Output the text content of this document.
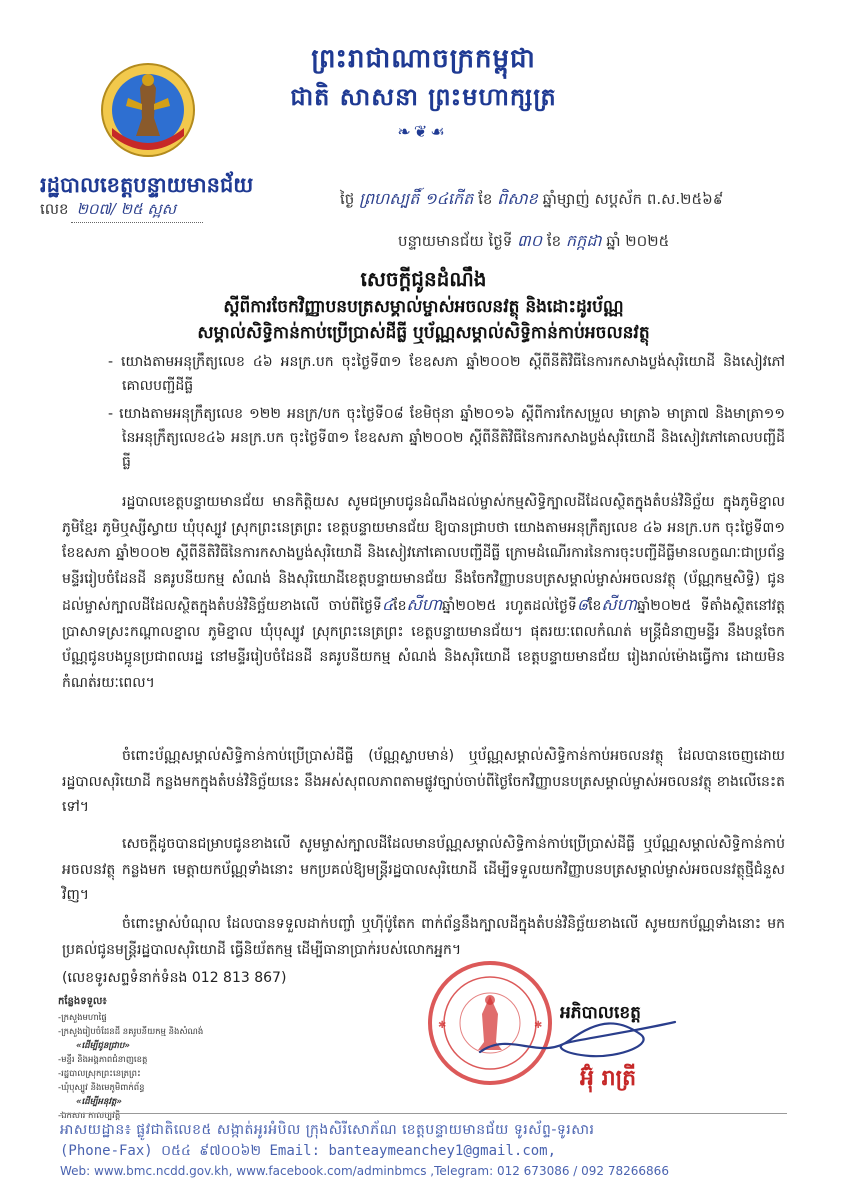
ព្រះរាជាណាចក្រកម្ពុជា
ជាតិ សាសនា ព្រះមហាក្សត្រ
❧❦☙
រដ្ឋបាលខេត្តបន្ទាយមានជ័យ
លេខ ២០៧/ ២៥ ស្អស
ថ្ងៃ ព្រហស្បតិ៍ ១៤កើត ខែ ពិសាខ ឆ្នាំម្សាញ់ សប្តស័ក ព.ស.២៥៦៩
បន្ទាយមានជ័យ ថ្ងៃទី ៣០ ខែ កក្កដា ឆ្នាំ ២០២៥
សេចក្តីជូនដំណឹង
ស្តីពីការចែកវិញ្ញាបនបត្រសម្គាល់ម្ចាស់អចលនវត្ថុ និងដោះដូរប័ណ្ណ
សម្គាល់សិទ្ធិកាន់កាប់ប្រើប្រាស់ដីធ្លី ឬប័ណ្ណសម្គាល់សិទ្ធិកាន់កាប់អចលនវត្ថុ
- យោងតាមអនុក្រឹត្យលេខ ៤៦ អនក្រ.បក ចុះថ្ងៃទី៣១ ខែឧសភា ឆ្នាំ២០០២ ស្តីពីនីតិវិធីនៃការកសាងប្លង់សុរិយោដី និងសៀវភៅគោលបញ្ជីដីធ្លី
- យោងតាមអនុក្រឹត្យលេខ ១២២ អនក្រ/បក ចុះថ្ងៃទី០៨ ខែមិថុនា ឆ្នាំ២០១៦ ស្តីពីការកែសម្រួល មាត្រា៦ មាត្រា៧ និងមាត្រា១១ នៃអនុក្រឹត្យលេខ៤៦ អនក្រ.បក ចុះថ្ងៃទី៣១ ខែឧសភា ឆ្នាំ២០០២ ស្តីពីនីតិវិធីនៃការកសាងប្លង់សុរិយោដី និងសៀវភៅគោលបញ្ជីដីធ្លី
រដ្ឋបាលខេត្តបន្ទាយមានជ័យ មានកិត្តិយស សូមជម្រាបជូនដំណឹងដល់ម្ចាស់កម្មសិទ្ធិក្បាលដីដែលស្ថិតក្នុងតំបន់វិនិច្ឆ័យ ក្នុងភូមិខ្នាល ភូមិខ្មែរ ភូមិឬស្សីស្វាយ ឃុំបុស្បូវ ស្រុកព្រះនេត្រព្រះ ខេត្តបន្ទាយមានជ័យ ឱ្យបានជ្រាបថា យោងតាមអនុក្រឹត្យលេខ ៤៦ អនក្រ.បក ចុះថ្ងៃទី៣១ ខែឧសភា ឆ្នាំ២០០២ ស្តីពីនីតិវិធីនៃការកសាងប្លង់សុរិយោដី និងសៀវភៅគោលបញ្ជីដីធ្លី ក្រោមដំណើរការនៃការចុះបញ្ជីដីធ្លីមានលក្ខណៈជាប្រព័ន្ធ មន្ទីររៀបចំដែនដី នគរូបនីយកម្ម សំណង់ និងសុរិយោដីខេត្តបន្ទាយមានជ័យ នឹងចែកវិញ្ញាបនបត្រសម្គាល់ម្ចាស់អចលនវត្ថុ (ប័ណ្ណកម្មសិទ្ធិ) ជូនដល់ម្ចាស់ក្បាលដីដែលស្ថិតក្នុងតំបន់វិនិច្ឆ័យខាងលើ ចាប់ពីថ្ងៃទី៤ខែសីហាឆ្នាំ២០២៥ រហូតដល់ថ្ងៃទី៨ខែសីហាឆ្នាំ២០២៥ ទីតាំងស្ថិតនៅវត្តប្រាសាទស្រះកណ្តាលខ្នាល ភូមិខ្នាល ឃុំបុស្បូវ ស្រុកព្រះនេត្រព្រះ ខេត្តបន្ទាយមានជ័យ។ ផុតរយៈពេលកំណត់ មន្ត្រីជំនាញមន្ទីរ នឹងបន្តចែកប័ណ្ណជូនបងប្អូនប្រជាពលរដ្ឋ នៅមន្ទីររៀបចំដែនដី នគរូបនីយកម្ម សំណង់ និងសុរិយោដី ខេត្តបន្ទាយមានជ័យ រៀងរាល់ម៉ោងធ្វើការ ដោយមិនកំណត់រយៈពេល។
ចំពោះប័ណ្ណសម្គាល់សិទ្ធិកាន់កាប់ប្រើប្រាស់ដីធ្លី (ប័ណ្ណស្លាបមាន់) ឬប័ណ្ណសម្គាល់សិទ្ធិកាន់កាប់អចលនវត្ថុ ដែលបានចេញដោយរដ្ឋបាលសុរិយោដី កន្លងមកក្នុងតំបន់វិនិច្ឆ័យនេះ នឹងអស់សុពលភាពតាមផ្លូវច្បាប់ចាប់ពីថ្ងៃចែកវិញ្ញាបនបត្រសម្គាល់ម្ចាស់អចលនវត្ថុ ខាងលើនេះតទៅ។
សេចក្តីដូចបានជម្រាបជូនខាងលើ សូមម្ចាស់ក្បាលដីដែលមានប័ណ្ណសម្គាល់សិទ្ធិកាន់កាប់ប្រើប្រាស់ដីធ្លី ឬប័ណ្ណសម្គាល់សិទ្ធិកាន់កាប់អចលនវត្ថុ កន្លងមក មេត្តាយកប័ណ្ណទាំងនោះ មកប្រគល់ឱ្យមន្ត្រីរដ្ឋបាលសុរិយោដី ដើម្បីទទួលយកវិញ្ញាបនបត្រសម្គាល់ម្ចាស់អចលនវត្ថុថ្មីជំនួសវិញ។
ចំពោះម្ចាស់បំណុល ដែលបានទទួលដាក់បញ្ចាំ ឬហ៊ីប៉ូតែក ពាក់ព័ន្ធនឹងក្បាលដីក្នុងតំបន់វិនិច្ឆ័យខាងលើ សូមយកប័ណ្ណទាំងនោះ មកប្រគល់ជូនមន្ត្រីរដ្ឋបាលសុរិយោដី ធ្វើនិយ័តកម្ម ដើម្បីធានាប្រាក់របស់លោកអ្នក។
(លេខទូរសព្ទទំនាក់ទំនង 012 813 867)
កន្លែងទទួល៖
-ក្រសួងមហាផ្ទៃ
-ក្រសួងរៀបចំដែនដី នគរូបនីយកម្ម និងសំណង់
«ដើម្បីជូនជ្រាប»
-មន្ទីរ និងអង្គភាពជំនាញខេត្ត
-រដ្ឋបាលស្រុកព្រះនេត្រព្រះ
-ឃុំបុស្បូវ និងមេភូមិពាក់ព័ន្ធ
«ដើម្បីអនុវត្ត»
-ឯកសារ កាលប្បវត្តិ
✱	✱
អភិបាលខេត្ត
អ៊ុំ រាត្រី
អាសយដ្ឋាន៖ ផ្លូវជាតិលេខ៥ សង្កាត់អូរអំបិល ក្រុងសិរីសោភ័ណ ខេត្តបន្ទាយមានជ័យ ទូរស័ព្ទ-ទូរសារ
(Phone-Fax) ០៥៤ ៩៧០០៦២ Email: banteaymeanchey1@gmail.com,
Web: www.bmc.ncdd.gov.kh, www.facebook.com/adminbmcs ,Telegram: 012 673086 / 092 78266866
